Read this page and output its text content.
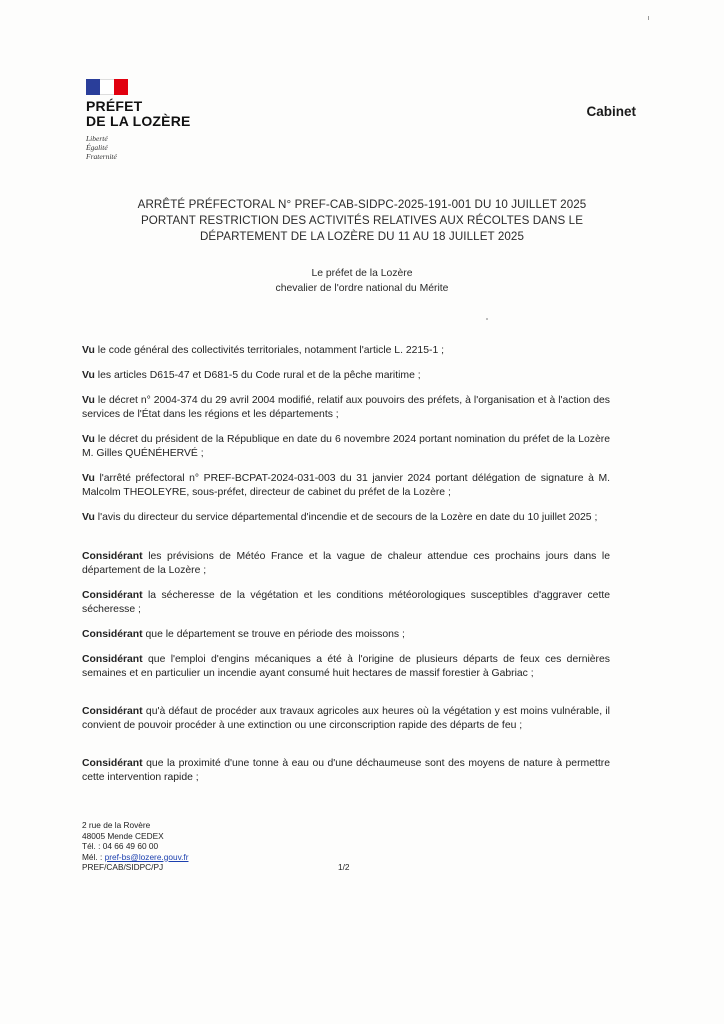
PRÉFET
DE LA LOZÈRE
Liberté
Égalité
Fraternité
Cabinet
ARRÊTÉ PRÉFECTORAL N° PREF-CAB-SIDPC-2025-191-001 DU 10 JUILLET 2025
PORTANT RESTRICTION DES ACTIVITÉS RELATIVES AUX RÉCOLTES DANS LE
DÉPARTEMENT DE LA LOZÈRE DU 11 AU 18 JUILLET 2025
Le préfet de la Lozère
chevalier de l'ordre national du Mérite

Vu le code général des collectivités territoriales, notamment l'article L. 2215-1 ;

Vu les articles D615-47 et D681-5 du Code rural et de la pêche maritime ;

Vu le décret n° 2004-374 du 29 avril 2004 modifié, relatif aux pouvoirs des préfets, à l'organisation et à l'action des services de l'État dans les régions et les départements ;

Vu le décret du président de la République en date du 6 novembre 2024 portant nomination du préfet de la Lozère M. Gilles QUÉNÉHERVÉ ;

Vu l'arrêté préfectoral n° PREF-BCPAT-2024-031-003 du 31 janvier 2024 portant délégation de signature à M. Malcolm THEOLEYRE, sous-préfet, directeur de cabinet du préfet de la Lozère ;

Vu l'avis du directeur du service départemental d'incendie et de secours de la Lozère en date du 10 juillet 2025 ;

Considérant les prévisions de Météo France et la vague de chaleur attendue ces prochains jours dans le département de la Lozère ;

Considérant la sécheresse de la végétation et les conditions météorologiques susceptibles d'aggraver cette sécheresse ;

Considérant que le département se trouve en période des moissons ;

Considérant que l'emploi d'engins mécaniques a été à l'origine de plusieurs départs de feux ces dernières semaines et en particulier un incendie ayant consumé huit hectares de massif forestier à Gabriac ;

Considérant qu'à défaut de procéder aux travaux agricoles aux heures où la végétation y est moins vulnérable, il convient de pouvoir procéder à une extinction ou une circonscription rapide des départs de feu ;

Considérant que la proximité d'une tonne à eau ou d'une déchaumeuse sont des moyens de nature à permettre cette intervention rapide ;

2 rue de la Rovère
48005 Mende CEDEX
Tél. : 04 66 49 60 00
Mél. : pref-bs@lozere.gouv.fr
PREF/CAB/SIDPC/PJ	1/2
